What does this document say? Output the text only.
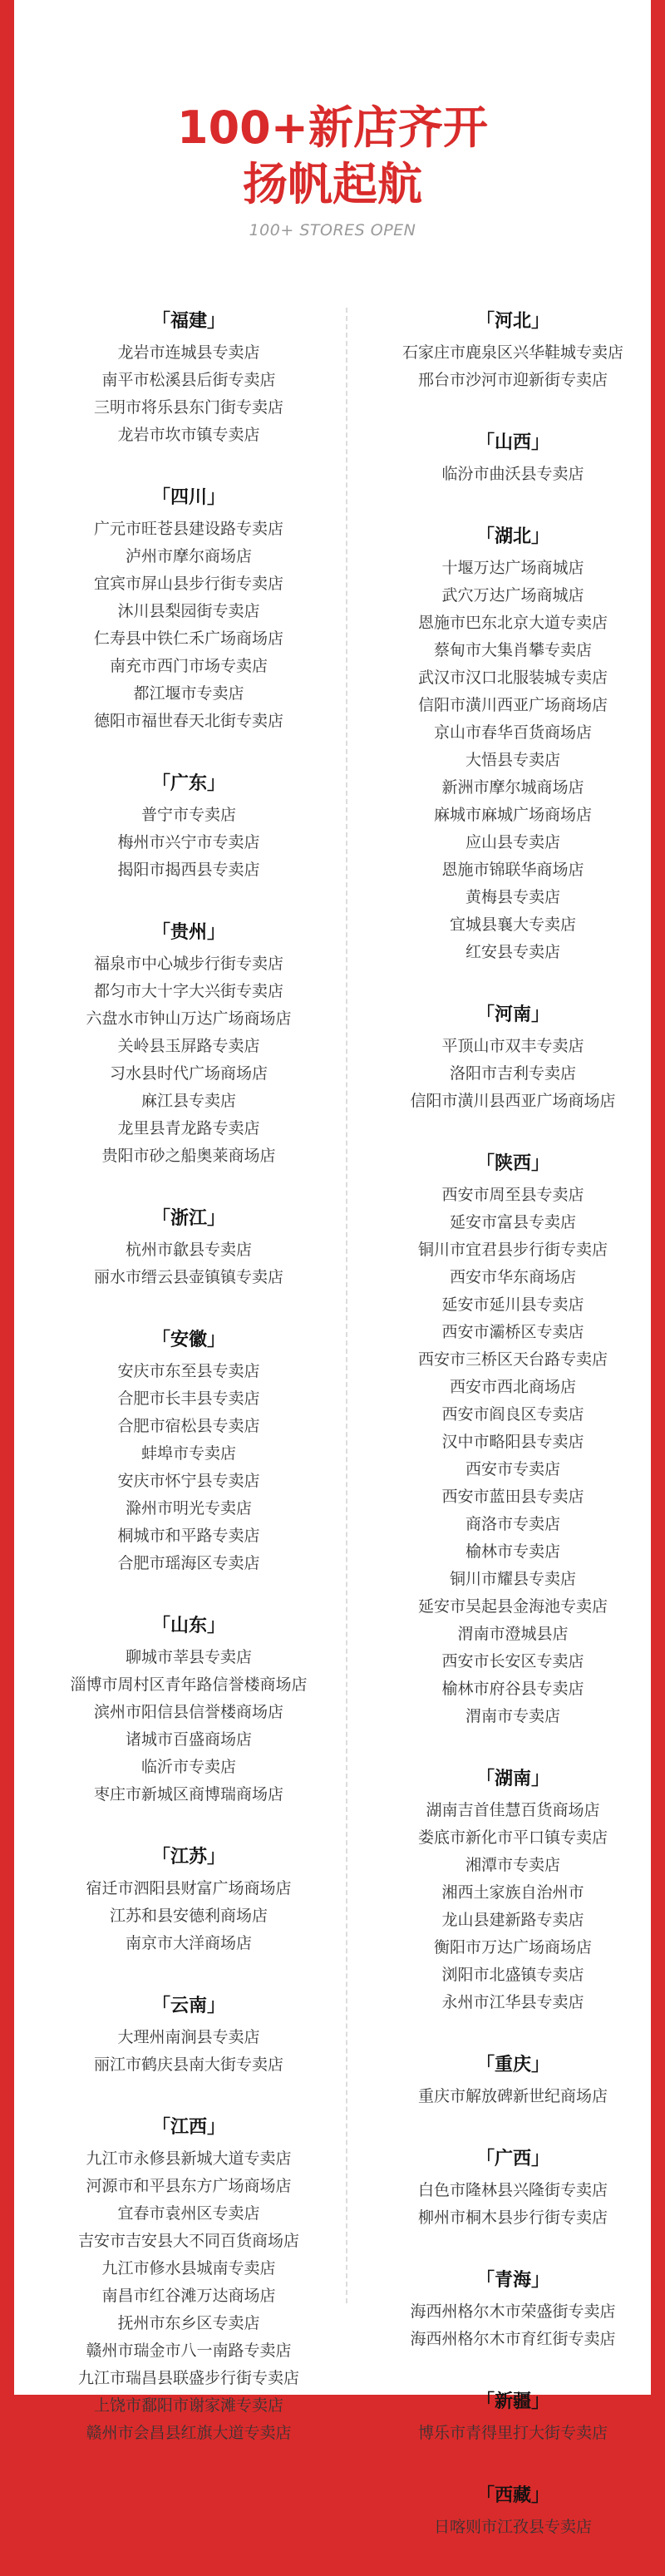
100+新店齐开
扬帆起航
100+ STORES OPEN
「福建」
龙岩市连城县专卖店
南平市松溪县后街专卖店
三明市将乐县东门街专卖店
龙岩市坎市镇专卖店
「四川」
广元市旺苍县建设路专卖店
泸州市摩尔商场店
宜宾市屏山县步行街专卖店
沐川县梨园街专卖店
仁寿县中铁仁禾广场商场店
南充市西门市场专卖店
都江堰市专卖店
德阳市福世春天北街专卖店
「广东」
普宁市专卖店
梅州市兴宁市专卖店
揭阳市揭西县专卖店
「贵州」
福泉市中心城步行街专卖店
都匀市大十字大兴街专卖店
六盘水市钟山万达广场商场店
关岭县玉屏路专卖店
习水县时代广场商场店
麻江县专卖店
龙里县青龙路专卖店
贵阳市砂之船奥莱商场店
「浙江」
杭州市歙县专卖店
丽水市缙云县壶镇镇专卖店
「安徽」
安庆市东至县专卖店
合肥市长丰县专卖店
合肥市宿松县专卖店
蚌埠市专卖店
安庆市怀宁县专卖店
滁州市明光专卖店
桐城市和平路专卖店
合肥市瑶海区专卖店
「山东」
聊城市莘县专卖店
淄博市周村区青年路信誉楼商场店
滨州市阳信县信誉楼商场店
诸城市百盛商场店
临沂市专卖店
枣庄市新城区商博瑞商场店
「江苏」
宿迁市泗阳县财富广场商场店
江苏和县安德利商场店
南京市大洋商场店
「云南」
大理州南涧县专卖店
丽江市鹤庆县南大街专卖店
「江西」
九江市永修县新城大道专卖店
河源市和平县东方广场商场店
宜春市袁州区专卖店
吉安市吉安县大不同百货商场店
九江市修水县城南专卖店
南昌市红谷滩万达商场店
抚州市东乡区专卖店
赣州市瑞金市八一南路专卖店
九江市瑞昌县联盛步行街专卖店
上饶市鄱阳市谢家滩专卖店
赣州市会昌县红旗大道专卖店
「河北」
石家庄市鹿泉区兴华鞋城专卖店
邢台市沙河市迎新街专卖店
「山西」
临汾市曲沃县专卖店
「湖北」
十堰万达广场商城店
武穴万达广场商城店
恩施市巴东北京大道专卖店
蔡甸市大集肖攀专卖店
武汉市汉口北服装城专卖店
信阳市潢川西亚广场商场店
京山市春华百货商场店
大悟县专卖店
新洲市摩尔城商场店
麻城市麻城广场商场店
应山县专卖店
恩施市锦联华商场店
黄梅县专卖店
宜城县襄大专卖店
红安县专卖店
「河南」
平顶山市双丰专卖店
洛阳市吉利专卖店
信阳市潢川县西亚广场商场店
「陕西」
西安市周至县专卖店
延安市富县专卖店
铜川市宜君县步行街专卖店
西安市华东商场店
延安市延川县专卖店
西安市灞桥区专卖店
西安市三桥区天台路专卖店
西安市西北商场店
西安市阎良区专卖店
汉中市略阳县专卖店
西安市专卖店
西安市蓝田县专卖店
商洛市专卖店
榆林市专卖店
铜川市耀县专卖店
延安市吴起县金海池专卖店
渭南市澄城县店
西安市长安区专卖店
榆林市府谷县专卖店
渭南市专卖店
「湖南」
湖南吉首佳慧百货商场店
娄底市新化市平口镇专卖店
湘潭市专卖店
湘西土家族自治州市
龙山县建新路专卖店
衡阳市万达广场商场店
浏阳市北盛镇专卖店
永州市江华县专卖店
「重庆」
重庆市解放碑新世纪商场店
「广西」
白色市隆林县兴隆街专卖店
柳州市桐木县步行街专卖店
「青海」
海西州格尔木市荣盛街专卖店
海西州格尔木市育红街专卖店
「新疆」
博乐市青得里打大街专卖店
「西藏」
日喀则市江孜县专卖店
